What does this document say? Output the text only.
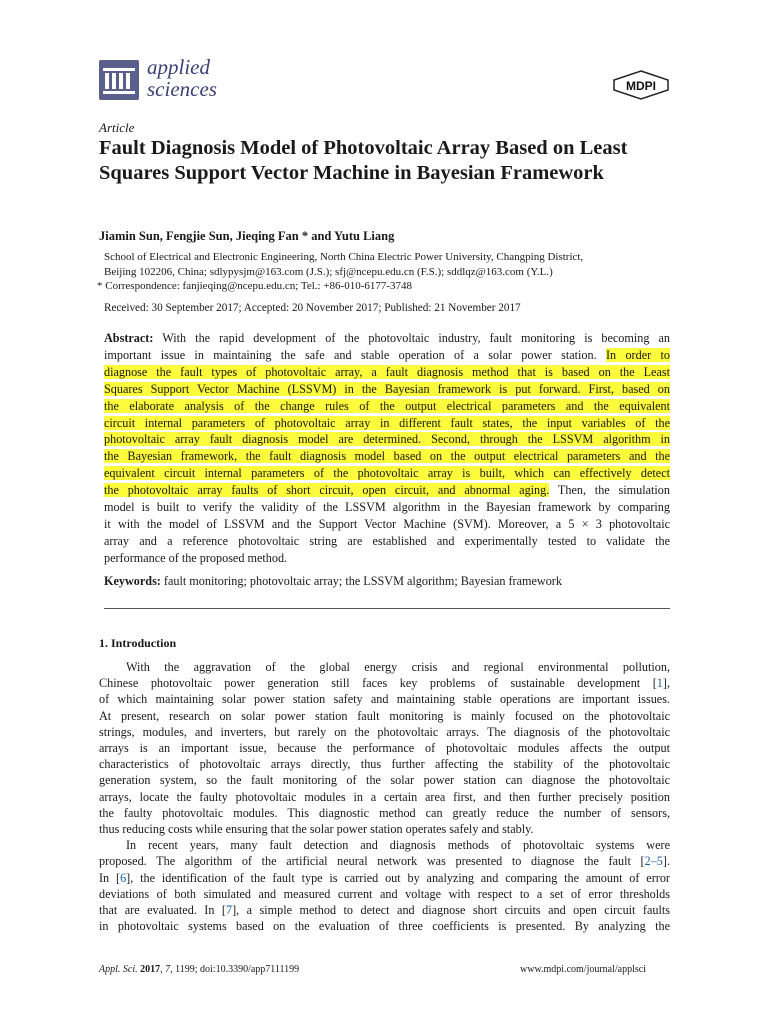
applied
sciences	MDPI
Article
Fault Diagnosis Model of Photovoltaic Array Based on Least Squares Support Vector Machine in Bayesian Framework
Jiamin Sun, Fengjie Sun, Jieqing Fan * and Yutu Liang
School of Electrical and Electronic Engineering, North China Electric Power University, Changping District,
Beijing 102206, China; sdlypysjm@163.com (J.S.); sfj@ncepu.edu.cn (F.S.); sddlqz@163.com (Y.L.)
* Correspondence: fanjieqing@ncepu.edu.cn; Tel.: +86-010-6177-3748
Received: 30 September 2017; Accepted: 20 November 2017; Published: 21 November 2017
Abstract: With the rapid development of the photovoltaic industry, fault monitoring is becoming an
important issue in maintaining the safe and stable operation of a solar power station. In order to
diagnose the fault types of photovoltaic array, a fault diagnosis method that is based on the Least
Squares Support Vector Machine (LSSVM) in the Bayesian framework is put forward. First, based on
the elaborate analysis of the change rules of the output electrical parameters and the equivalent
circuit internal parameters of photovoltaic array in different fault states, the input variables of the
photovoltaic array fault diagnosis model are determined. Second, through the LSSVM algorithm in
the Bayesian framework, the fault diagnosis model based on the output electrical parameters and the
equivalent circuit internal parameters of the photovoltaic array is built, which can effectively detect
the photovoltaic array faults of short circuit, open circuit, and abnormal aging. Then, the simulation
model is built to verify the validity of the LSSVM algorithm in the Bayesian framework by comparing
it with the model of LSSVM and the Support Vector Machine (SVM). Moreover, a 5 × 3 photovoltaic
array and a reference photovoltaic string are established and experimentally tested to validate the
performance of the proposed method.
Keywords: fault monitoring; photovoltaic array; the LSSVM algorithm; Bayesian framework
1. Introduction
With the aggravation of the global energy crisis and regional environmental pollution,
Chinese photovoltaic power generation still faces key problems of sustainable development [1],
of which maintaining solar power station safety and maintaining stable operations are important issues.
At present, research on solar power station fault monitoring is mainly focused on the photovoltaic
strings, modules, and inverters, but rarely on the photovoltaic arrays. The diagnosis of the photovoltaic
arrays is an important issue, because the performance of photovoltaic modules affects the output
characteristics of photovoltaic arrays directly, thus further affecting the stability of the photovoltaic
generation system, so the fault monitoring of the solar power station can diagnose the photovoltaic
arrays, locate the faulty photovoltaic modules in a certain area first, and then further precisely position
the faulty photovoltaic modules. This diagnostic method can greatly reduce the number of sensors,
thus reducing costs while ensuring that the solar power station operates safely and stably.
In recent years, many fault detection and diagnosis methods of photovoltaic systems were
proposed. The algorithm of the artificial neural network was presented to diagnose the fault [2–5].
In [6], the identification of the fault type is carried out by analyzing and comparing the amount of error
deviations of both simulated and measured current and voltage with respect to a set of error thresholds
that are evaluated. In [7], a simple method to detect and diagnose short circuits and open circuit faults
in photovoltaic systems based on the evaluation of three coefficients is presented. By analyzing the
Appl. Sci. 2017, 7, 1199; doi:10.3390/app7111199	www.mdpi.com/journal/applsci
